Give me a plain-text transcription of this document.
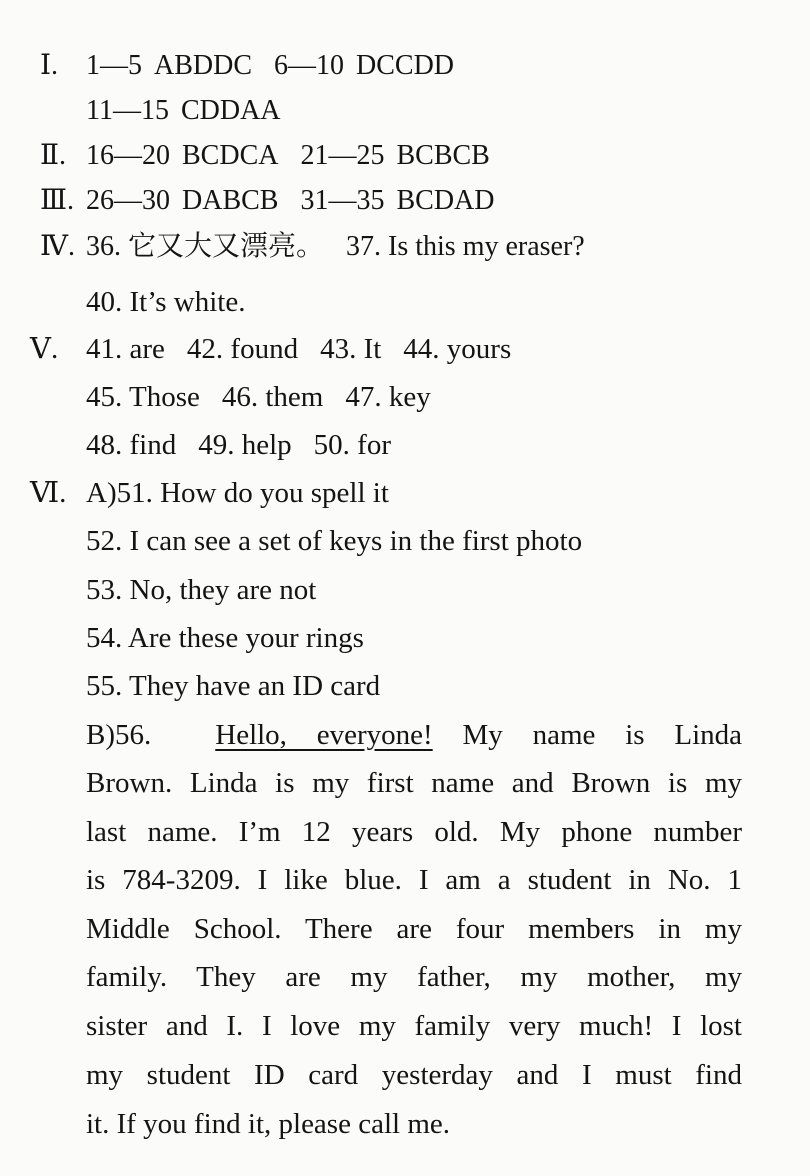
Ⅰ. 1—5 ABDDC 6—10 DCCDD
11—15 CDDAA
Ⅱ. 16—20 BCDCA 21—25 BCBCB
Ⅲ. 26—30 DABCB 31—35 BCDAD
Ⅳ. 36. 它又大又漂亮。 37. Is this my eraser?
40. It’s white.
Ⅴ. 41. are 42. found 43. It 44. yours
45. Those 46. them 47. key
48. find 49. help 50. for
Ⅵ. A)51. How do you spell it
52. I can see a set of keys in the first photo
53. No, they are not
54. Are these your rings
55. They have an ID card
B)56. Hello, everyone! My name is Linda
Brown. Linda is my first name and Brown is my
last name. I’m 12 years old. My phone number
is 784-3209. I like blue. I am a student in No. 1
Middle School. There are four members in my
family. They are my father, my mother, my
sister and I. I love my family very much! I lost
my student ID card yesterday and I must find
it. If you find it, please call me.
